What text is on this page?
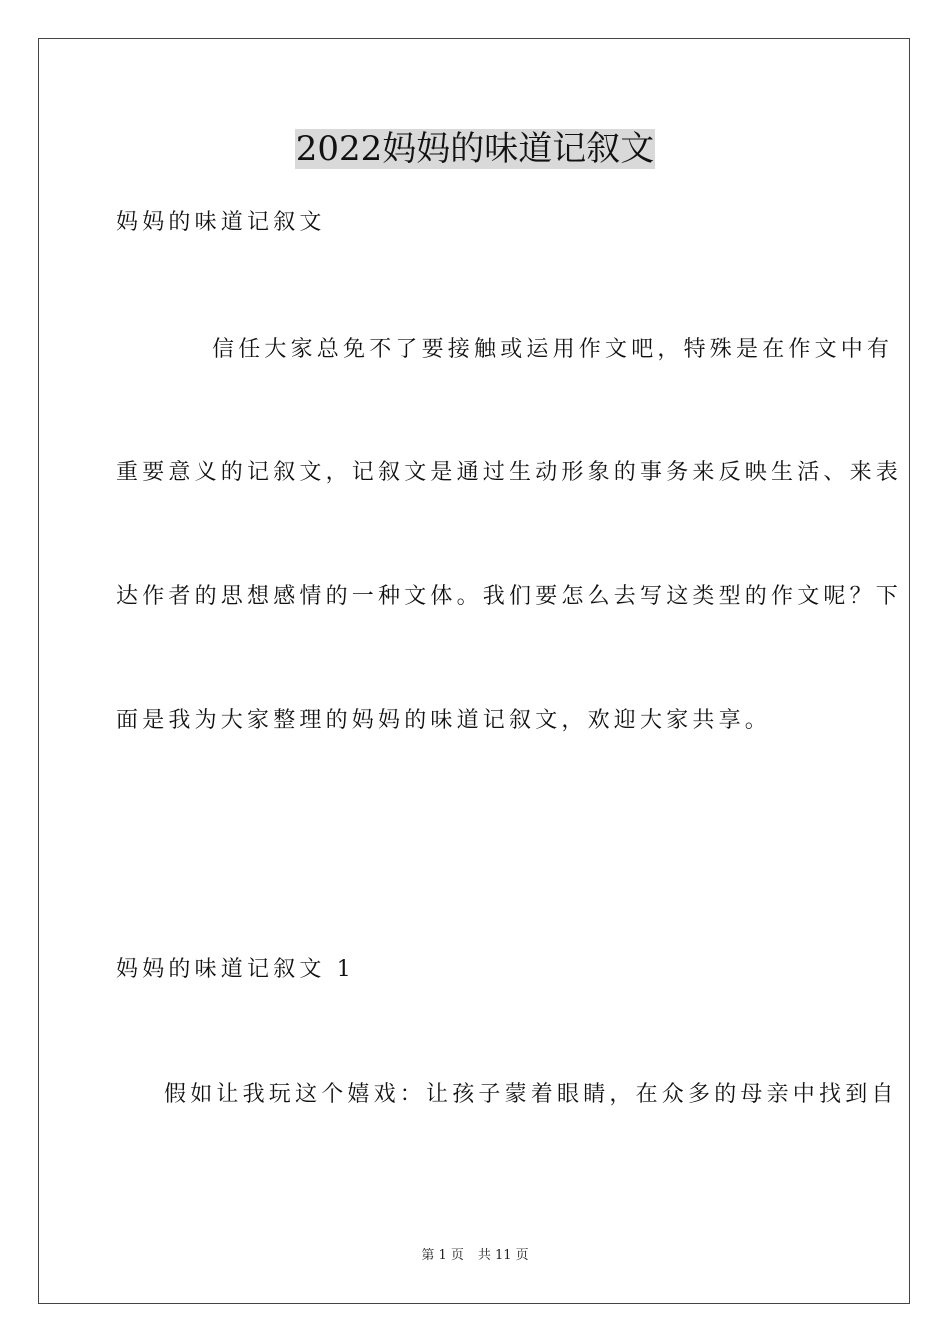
2022妈妈的味道记叙文
妈妈的味道记叙文
信任大家总免不了要接触或运用作文吧，特殊是在作文中有
重要意义的记叙文，记叙文是通过生动形象的事务来反映生活、来表
达作者的思想感情的一种文体。我们要怎么去写这类型的作文呢？下
面是我为大家整理的妈妈的味道记叙文，欢迎大家共享。
妈妈的味道记叙文 1
假如让我玩这个嬉戏：让孩子蒙着眼睛，在众多的母亲中找到自
第 1 页 共 11 页
